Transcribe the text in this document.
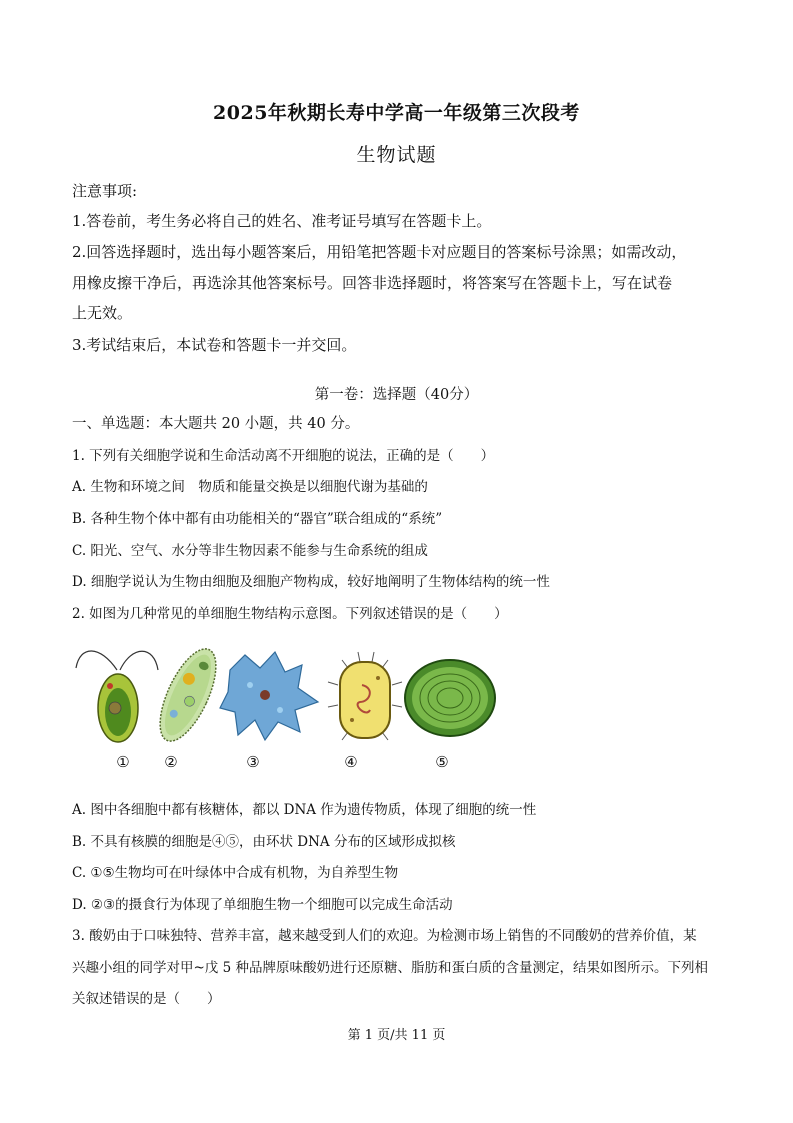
2025年秋期长寿中学高一年级第三次段考
生物试题
注意事项:
1.答卷前，考生务必将自己的姓名、准考证号填写在答题卡上。
2.回答选择题时，选出每小题答案后，用铅笔把答题卡对应题目的答案标号涂黑；如需改动，
用橡皮擦干净后，再选涂其他答案标号。回答非选择题时，将答案写在答题卡上，写在试卷
上无效。
3.考试结束后，本试卷和答题卡一并交回。
第一卷：选择题（40分）
一、单选题：本大题共 20 小题，共 40 分。
1. 下列有关细胞学说和生命活动离不开细胞的说法，正确的是（　　）
A. 生物和环境之间　物质和能量交换是以细胞代谢为基础的
B. 各种生物个体中都有由功能相关的“器官”联合组成的“系统”
C. 阳光、空气、水分等非生物因素不能参与生命系统的组成
D. 细胞学说认为生物由细胞及细胞产物构成，较好地阐明了生物体结构的统一性
2. 如图为几种常见的单细胞生物结构示意图。下列叙述错误的是（　　）
①	②	③	④	⑤
A. 图中各细胞中都有核糖体，都以 DNA 作为遗传物质，体现了细胞的统一性
B. 不具有核膜的细胞是④⑤，由环状 DNA 分布的区域形成拟核
C. ①⑤生物均可在叶绿体中合成有机物，为自养型生物
D. ②③的摄食行为体现了单细胞生物一个细胞可以完成生命活动
3. 酸奶由于口味独特、营养丰富，越来越受到人们的欢迎。为检测市场上销售的不同酸奶的营养价值，某
兴趣小组的同学对甲~戊 5 种品牌原味酸奶进行还原糖、脂肪和蛋白质的含量测定，结果如图所示。下列相
关叙述错误的是（　　）
第 1 页/共 11 页
